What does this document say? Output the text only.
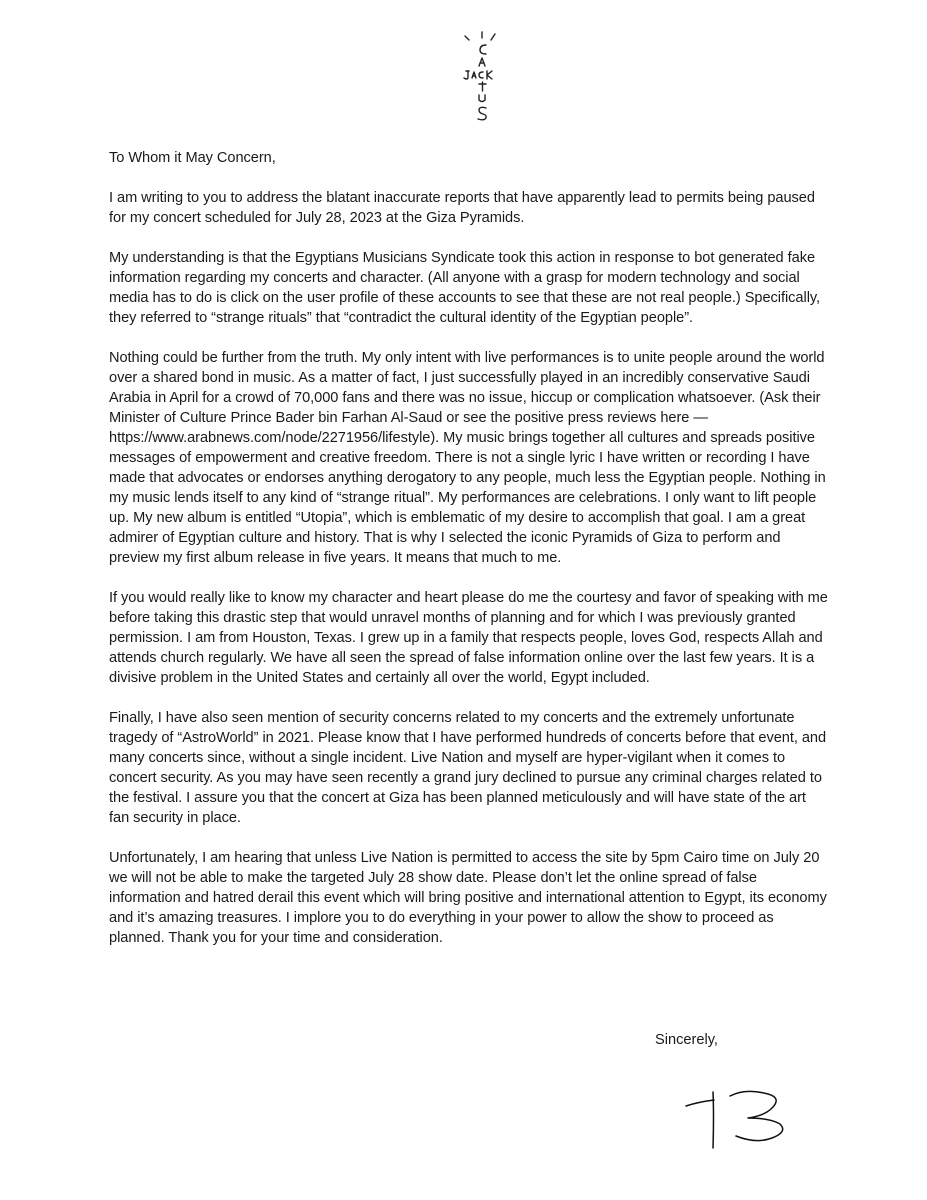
To Whom it May Concern,

I am writing to you to address the blatant inaccurate reports that have apparently lead to permits being paused for my concert scheduled for July 28, 2023 at the Giza Pyramids.

My understanding is that the Egyptians Musicians Syndicate took this action in response to bot generated fake information regarding my concerts and character. (All anyone with a grasp for modern technology and social media has to do is click on the user profile of these accounts to see that these are not real people.) Specifically, they referred to “strange rituals” that “contradict the cultural identity of the Egyptian people”.

Nothing could be further from the truth. My only intent with live performances is to unite people around the world over a shared bond in music. As a matter of fact, I just successfully played in an incredibly conservative Saudi Arabia in April for a crowd of 70,000 fans and there was no issue, hiccup or complication whatsoever. (Ask their Minister of Culture Prince Bader bin Farhan Al-Saud or see the positive press reviews here — https://www.arabnews.com/node/2271956/lifestyle). My music brings together all cultures and spreads positive messages of empowerment and creative freedom. There is not a single lyric I have written or recording I have made that advocates or endorses anything derogatory to any people, much less the Egyptian people. Nothing in my music lends itself to any kind of “strange ritual”. My performances are celebrations. I only want to lift people up. My new album is entitled “Utopia”, which is emblematic of my desire to accomplish that goal. I am a great admirer of Egyptian culture and history. That is why I selected the iconic Pyramids of Giza to perform and preview my first album release in five years. It means that much to me.

If you would really like to know my character and heart please do me the courtesy and favor of speaking with me before taking this drastic step that would unravel months of planning and for which I was previously granted permission. I am from Houston, Texas. I grew up in a family that respects people, loves God, respects Allah and attends church regularly. We have all seen the spread of false information online over the last few years. It is a divisive problem in the United States and certainly all over the world, Egypt included.

Finally, I have also seen mention of security concerns related to my concerts and the extremely unfortunate tragedy of “AstroWorld” in 2021. Please know that I have performed hundreds of concerts before that event, and many concerts since, without a single incident. Live Nation and myself are hyper-vigilant when it comes to concert security. As you may have seen recently a grand jury declined to pursue any criminal charges related to the festival. I assure you that the concert at Giza has been planned meticulously and will have state of the art fan security in place.

Unfortunately, I am hearing that unless Live Nation is permitted to access the site by 5pm Cairo time on July 20 we will not be able to make the targeted July 28 show date. Please don’t let the online spread of false information and hatred derail this event which will bring positive and international attention to Egypt, its economy and it’s amazing treasures. I implore you to do everything in your power to allow the show to proceed as planned. Thank you for your time and consideration.

Sincerely,
